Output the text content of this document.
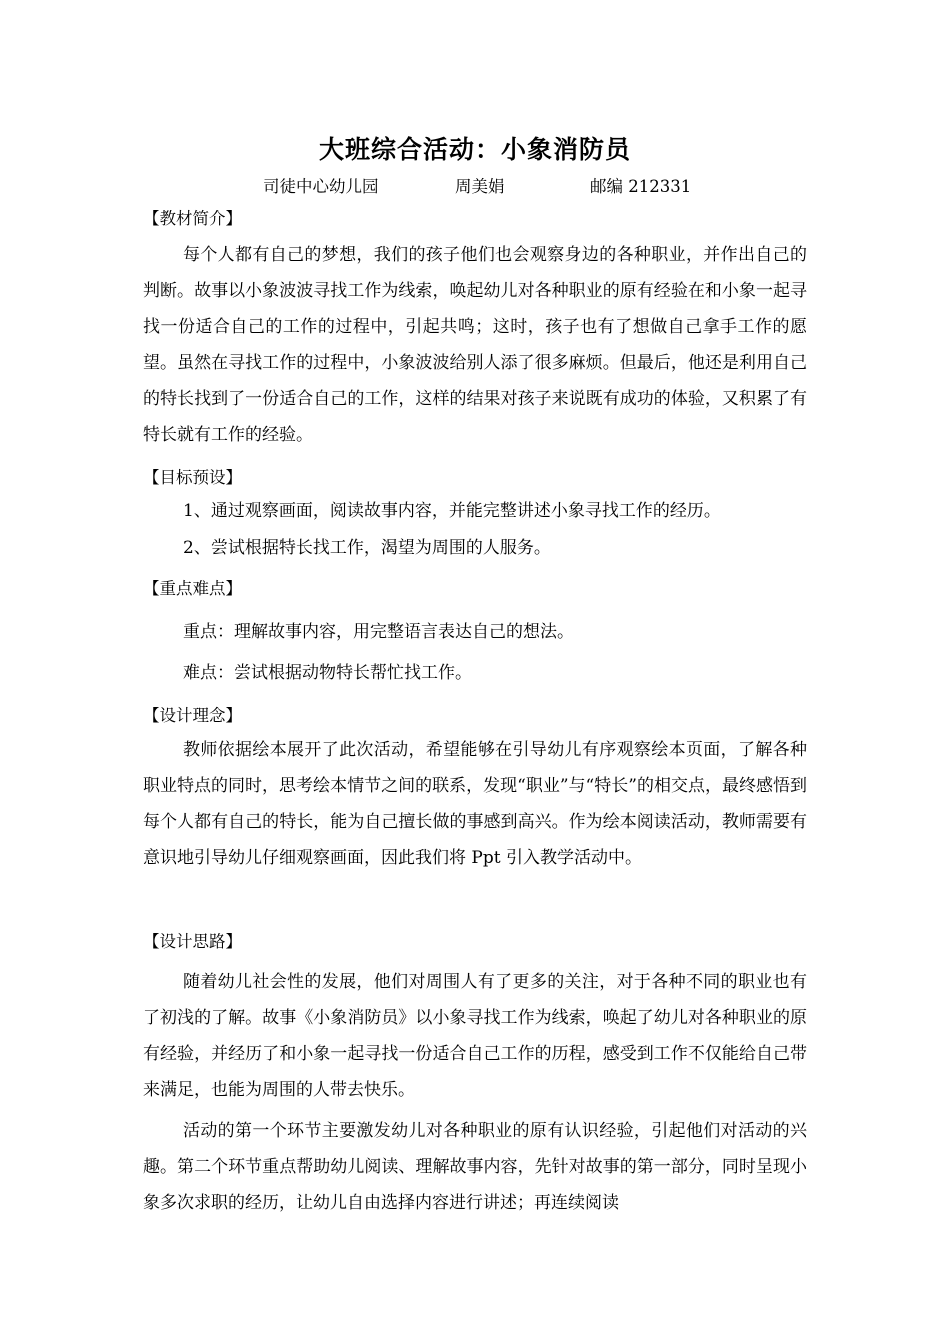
大班综合活动：小象消防员
司徒中心幼儿园	周美娟	邮编 212331
【教材简介】

每个人都有自己的梦想，我们的孩子他们也会观察身边的各种职业，并作出自己的判断。故事以小象波波寻找工作为线索，唤起幼儿对各种职业的原有经验在和小象一起寻找一份适合自己的工作的过程中，引起共鸣；这时，孩子也有了想做自己拿手工作的愿望。虽然在寻找工作的过程中，小象波波给别人添了很多麻烦。但最后，他还是利用自己的特长找到了一份适合自己的工作，这样的结果对孩子来说既有成功的体验，又积累了有特长就有工作的经验。

【目标预设】
1、通过观察画面，阅读故事内容，并能完整讲述小象寻找工作的经历。
2、尝试根据特长找工作，渴望为周围的人服务。
【重点难点】
重点：理解故事内容，用完整语言表达自己的想法。
难点：尝试根据动物特长帮忙找工作。
【设计理念】

教师依据绘本展开了此次活动，希望能够在引导幼儿有序观察绘本页面，了解各种职业特点的同时，思考绘本情节之间的联系，发现“职业”与“特长”的相交点，最终感悟到每个人都有自己的特长，能为自己擅长做的事感到高兴。作为绘本阅读活动，教师需要有意识地引导幼儿仔细观察画面，因此我们将 Ppt 引入教学活动中。

【设计思路】

随着幼儿社会性的发展，他们对周围人有了更多的关注，对于各种不同的职业也有了初浅的了解。故事《小象消防员》以小象寻找工作为线索，唤起了幼儿对各种职业的原有经验，并经历了和小象一起寻找一份适合自己工作的历程，感受到工作不仅能给自己带来满足，也能为周围的人带去快乐。

活动的第一个环节主要激发幼儿对各种职业的原有认识经验，引起他们对活动的兴趣。第二个环节重点帮助幼儿阅读、理解故事内容，先针对故事的第一部分，同时呈现小象多次求职的经历，让幼儿自由选择内容进行讲述；再连续阅读
